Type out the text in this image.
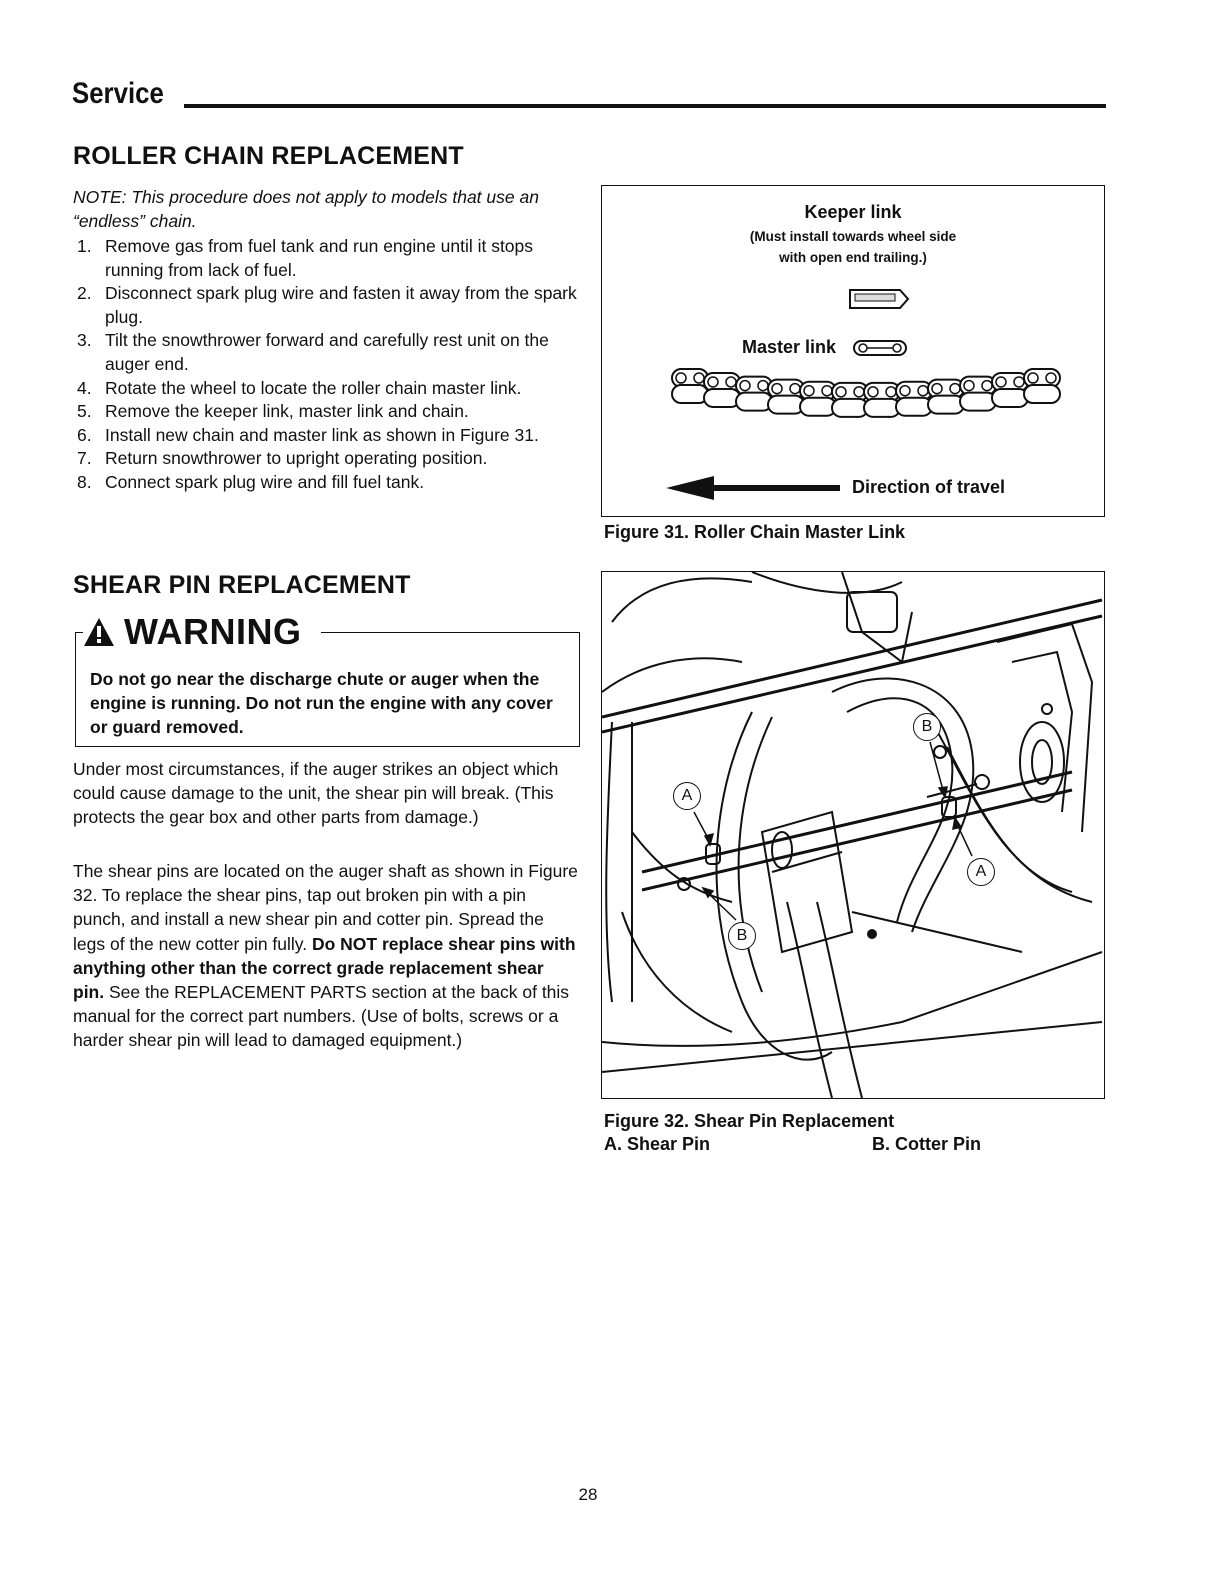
Service
ROLLER CHAIN REPLACEMENT
NOTE: This procedure does not apply to models that use an “endless” chain.
1. Remove gas from fuel tank and run engine until it stops running from lack of fuel.
2. Disconnect spark plug wire and fasten it away from the spark plug.
3. Tilt the snowthrower forward and carefully rest unit on the auger end.
4. Rotate the wheel to locate the roller chain master link.
5. Remove the keeper link, master link and chain.
6. Install new chain and master link as shown in Figure 31.
7. Return snowthrower to upright operating position.
8. Connect spark plug wire and fill fuel tank.
Keeper link
(Must install towards wheel side
with open end trailing.)
Master link
Direction of travel
Figure 31. Roller Chain Master Link
SHEAR PIN REPLACEMENT
WARNING
Do not go near the discharge chute or auger when the engine is running. Do not run the engine with any cover or guard removed.

Under most circumstances, if the auger strikes an object which could cause damage to the unit, the shear pin will break. (This protects the gear box and other parts from damage.)

The shear pins are located on the auger shaft as shown in Figure 32. To replace the shear pins, tap out broken pin with a pin punch, and install a new shear pin and cotter pin. Spread the legs of the new cotter pin fully. Do NOT replace shear pins with anything other than the correct grade replacement shear pin. See the REPLACEMENT PARTS section at the back of this manual for the correct part numbers. (Use of bolts, screws or a harder shear pin will lead to damaged equipment.)

A
B
A
B
Figure 32. Shear Pin Replacement
A. Shear Pin	B. Cotter Pin
28
